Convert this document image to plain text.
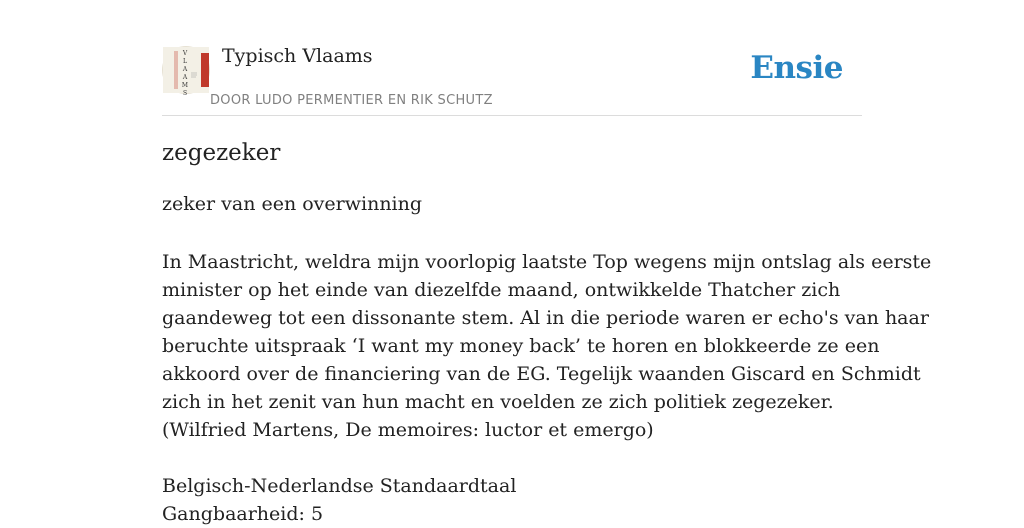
V
L
A
A
M
S
Typisch Vlaams
DOOR LUDO PERMENTIER EN RIK SCHUTZ
Ensie
zegezeker
zeker van een overwinning
In Maastricht, weldra mijn voorlopig laatste Top wegens mijn ontslag als eerste
minister op het einde van diezelfde maand, ontwikkelde Thatcher zich
gaandeweg tot een dissonante stem. Al in die periode waren er echo's van haar
beruchte uitspraak ‘I want my money back’ te horen en blokkeerde ze een
akkoord over de financiering van de EG. Tegelijk waanden Giscard en Schmidt
zich in het zenit van hun macht en voelden ze zich politiek zegezeker.
(Wilfried Martens, De memoires: luctor et emergo)
Belgisch-Nederlandse Standaardtaal
Gangbaarheid: 5
